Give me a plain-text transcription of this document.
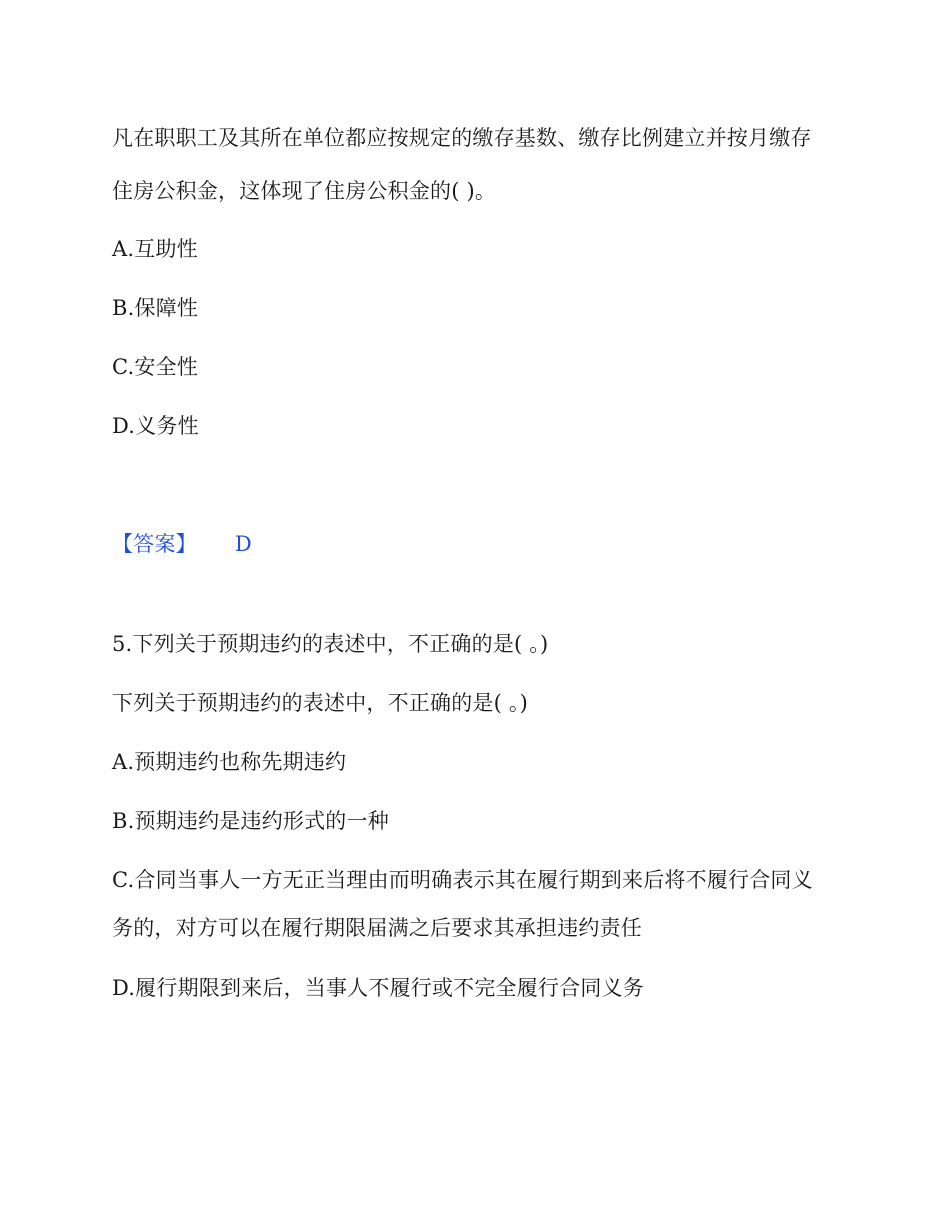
凡在职职工及其所在单位都应按规定的缴存基数、缴存比例建立并按月缴存
住房公积金，这体现了住房公积金的( )。
A.互助性
B.保障性
C.安全性
D.义务性
【答案】 D
5.下列关于预期违约的表述中，不正确的是( 。)
下列关于预期违约的表述中，不正确的是( 。)
A.预期违约也称先期违约
B.预期违约是违约形式的一种
C.合同当事人一方无正当理由而明确表示其在履行期到来后将不履行合同义
务的，对方可以在履行期限届满之后要求其承担违约责任
D.履行期限到来后，当事人不履行或不完全履行合同义务
